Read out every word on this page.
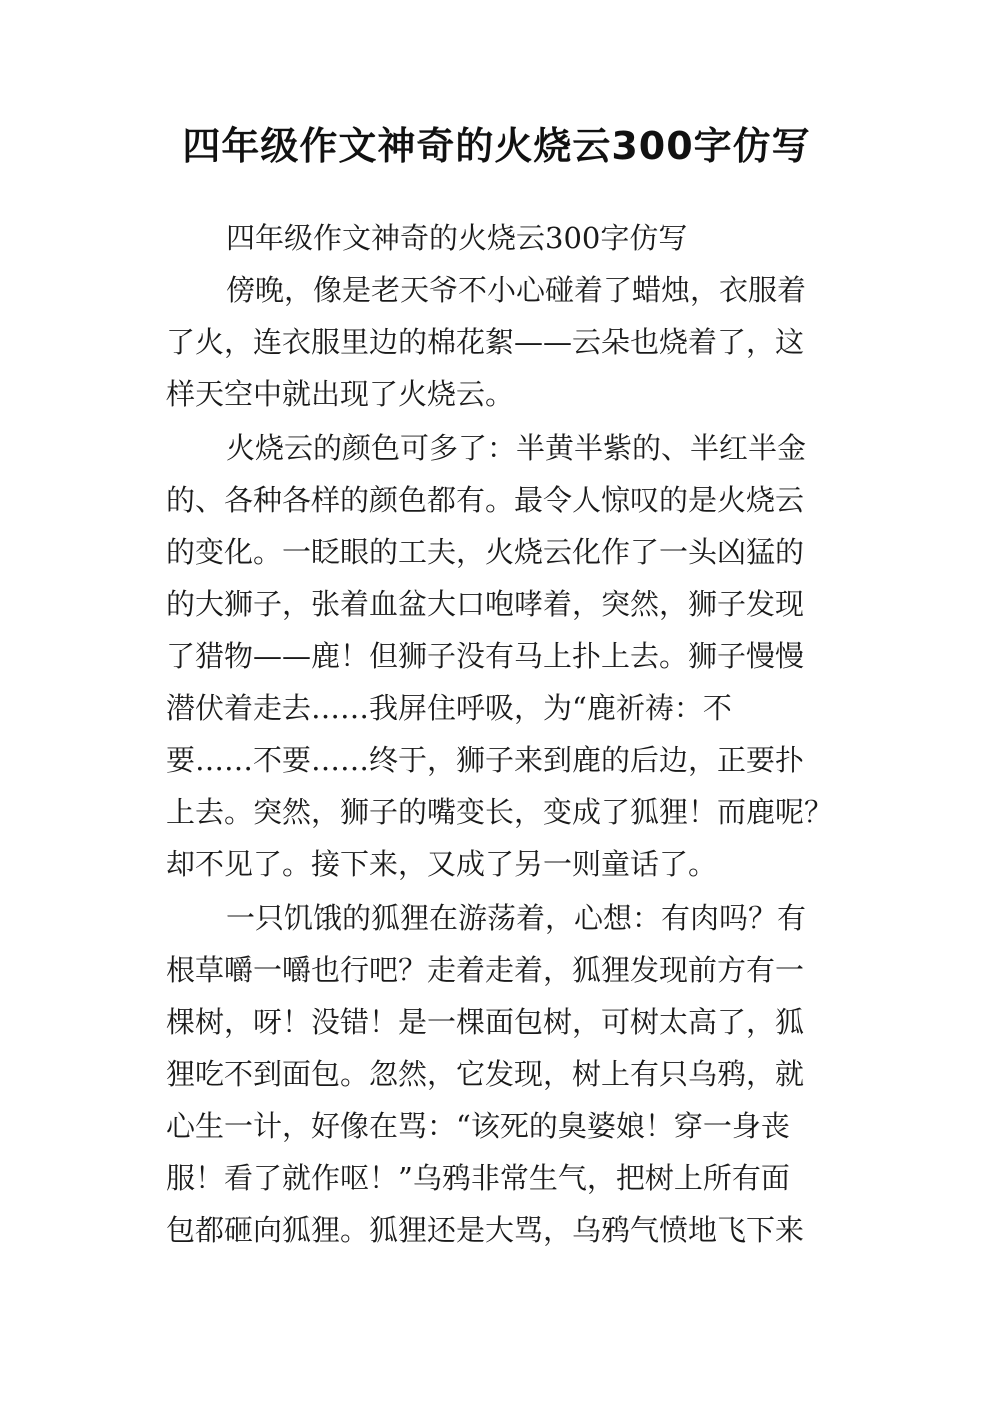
四年级作文神奇的火烧云300字仿写
四年级作文神奇的火烧云300字仿写
傍晚，像是老天爷不小心碰着了蜡烛，衣服着
了火，连衣服里边的棉花絮——云朵也烧着了，这
样天空中就出现了火烧云。
火烧云的颜色可多了：半黄半紫的、半红半金
的、各种各样的颜色都有。最令人惊叹的是火烧云
的变化。一眨眼的工夫，火烧云化作了一头凶猛的
的大狮子，张着血盆大口咆哮着，突然，狮子发现
了猎物——鹿！但狮子没有马上扑上去。狮子慢慢
潜伏着走去……我屏住呼吸，为“鹿祈祷：不
要……不要……终于，狮子来到鹿的后边，正要扑
上去。突然，狮子的嘴变长，变成了狐狸！而鹿呢？
却不见了。接下来，又成了另一则童话了。
一只饥饿的狐狸在游荡着，心想：有肉吗？有
根草嚼一嚼也行吧？走着走着，狐狸发现前方有一
棵树，呀！没错！是一棵面包树，可树太高了，狐
狸吃不到面包。忽然，它发现，树上有只乌鸦，就
心生一计，好像在骂：“该死的臭婆娘！穿一身丧
服！看了就作呕！”乌鸦非常生气，把树上所有面
包都砸向狐狸。狐狸还是大骂，乌鸦气愤地飞下来
